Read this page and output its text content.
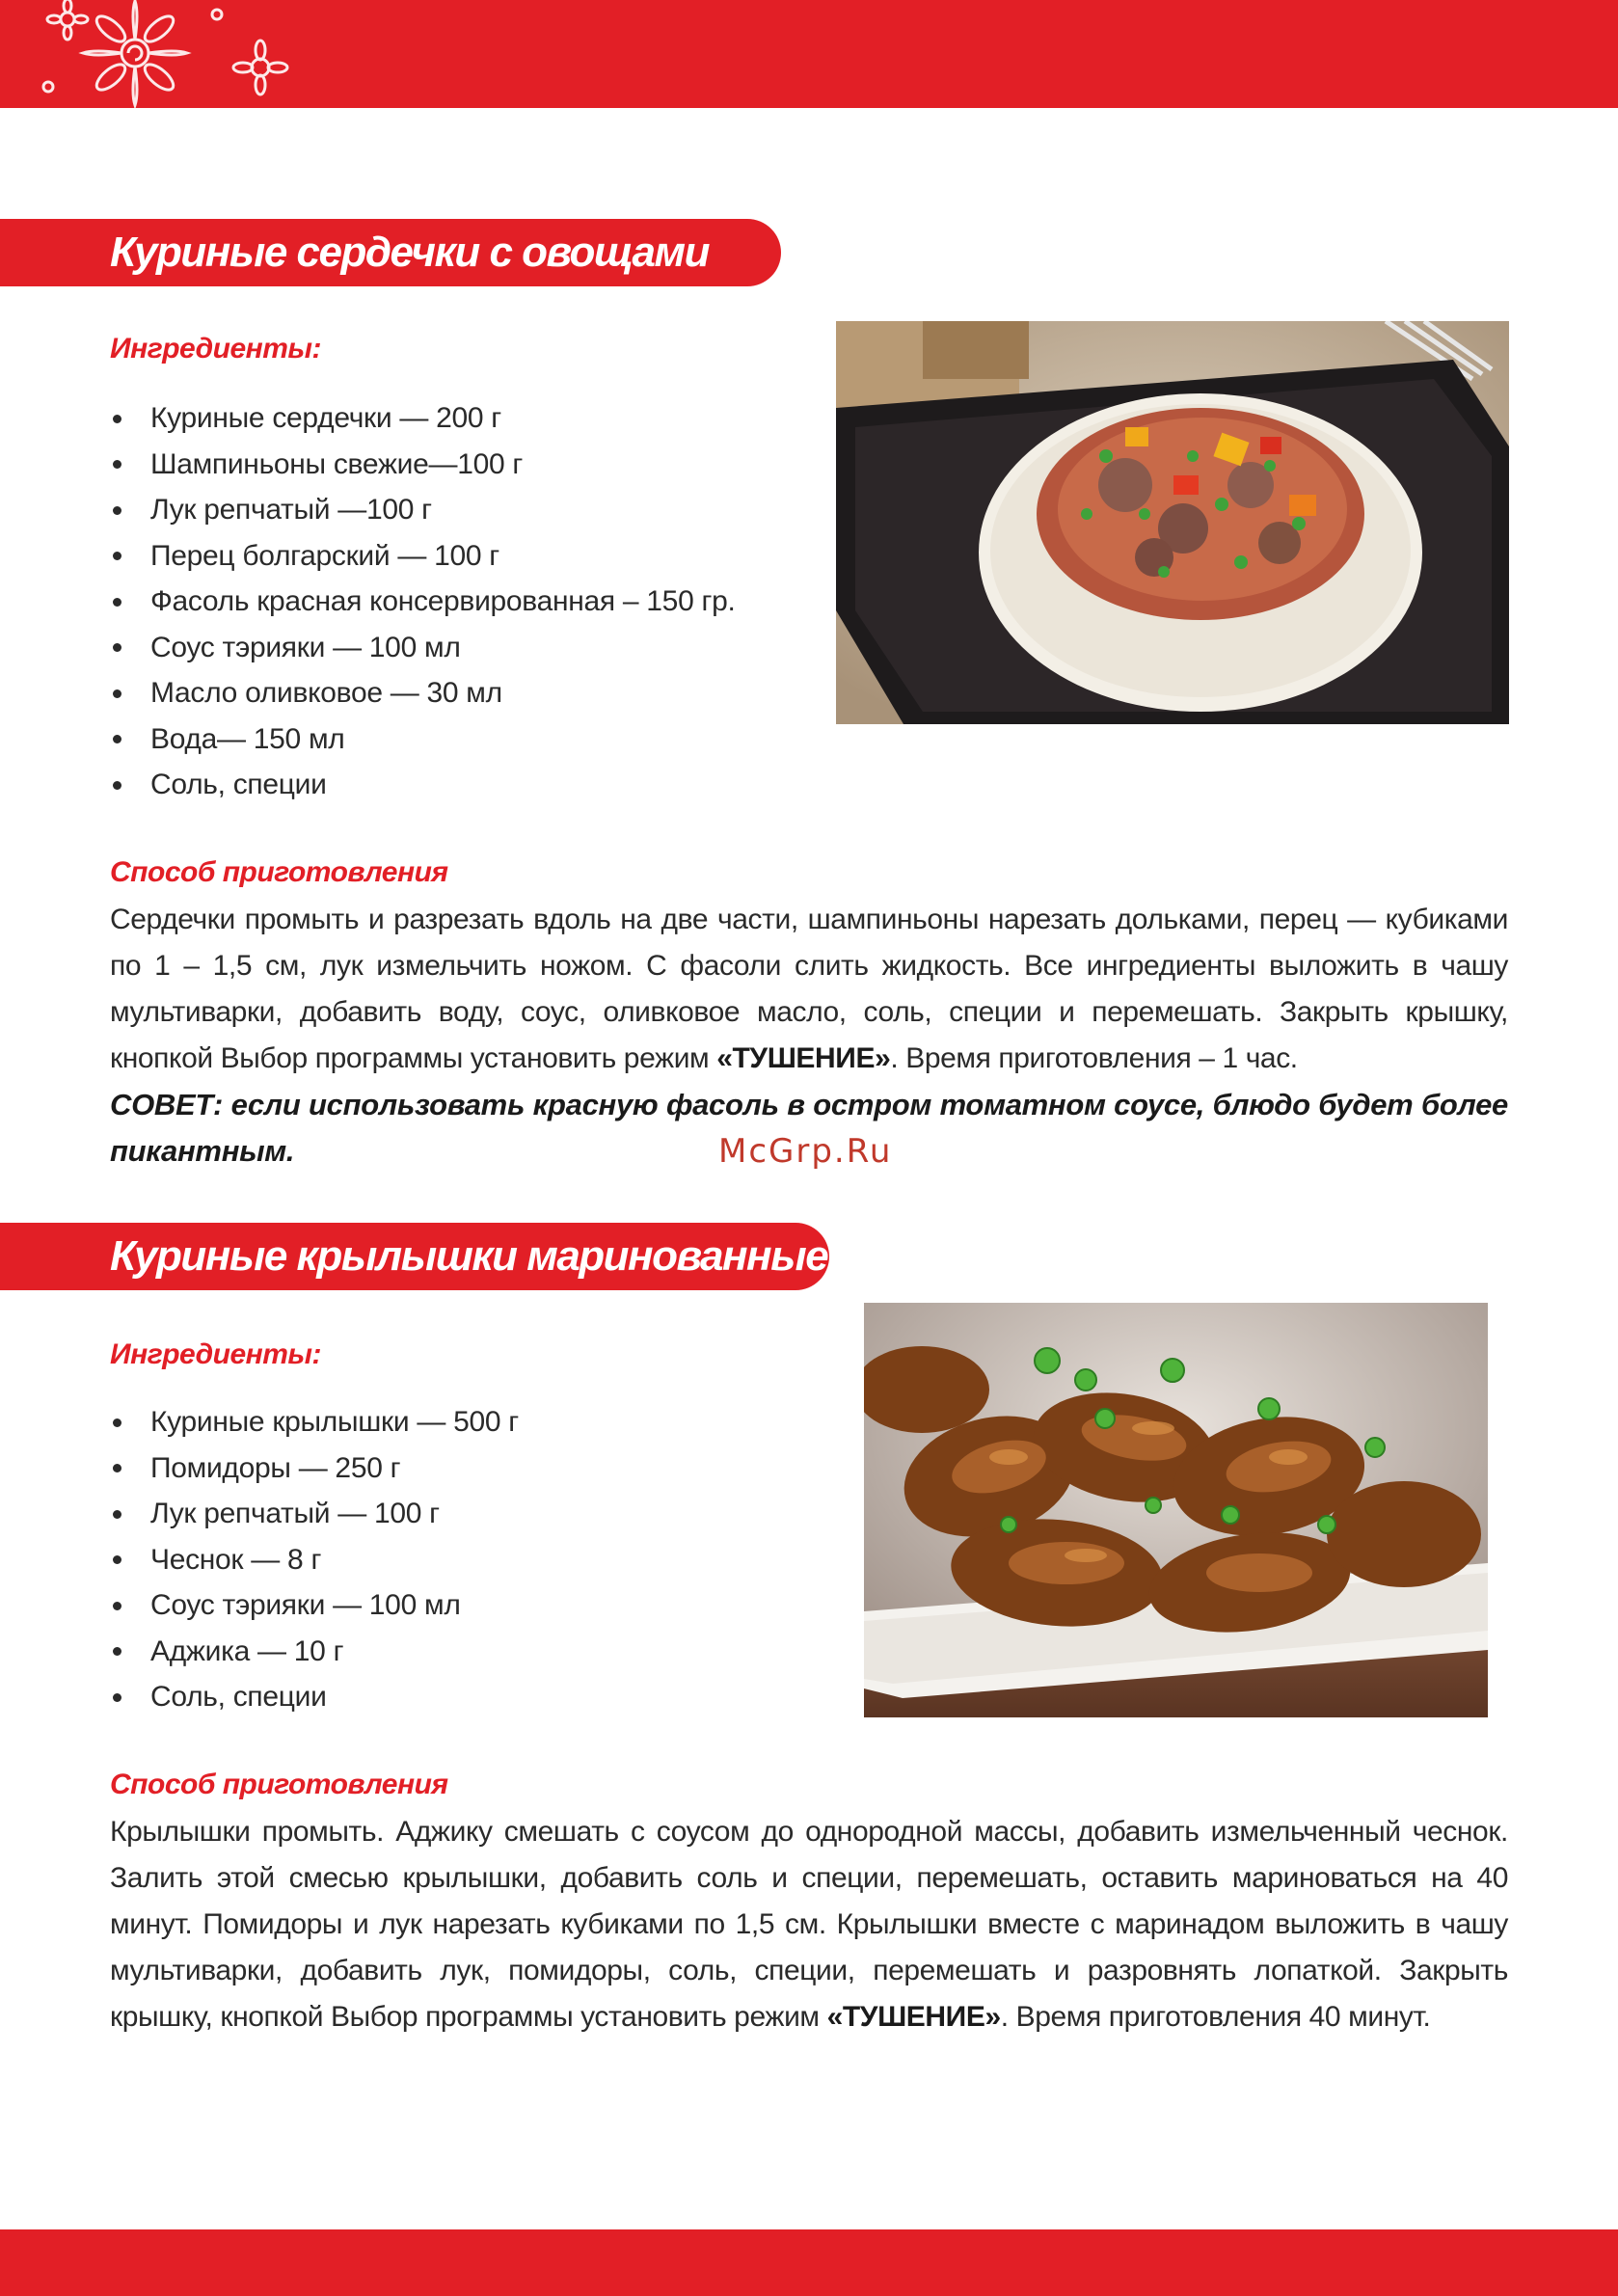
Куриные сердечки с овощами
Ингредиенты:
Куриные сердечки — 200 г
Шампиньоны свежие—100 г
Лук репчатый —100 г
Перец болгарский — 100 г
Фасоль красная консервированная – 150 гр.
Соус тэрияки — 100 мл
Масло оливковое — 30 мл
Вода— 150 мл
Соль, специи
Способ приготовления

Сердечки промыть и разрезать вдоль на две части, шампиньоны нарезать дольками, перец — кубиками по 1 – 1,5 см, лук измельчить ножом. С фасоли слить жидкость. Все ингредиенты выложить в чашу мультиварки, добавить воду, соус, оливковое масло, соль, специи и перемешать. Закрыть крышку, кнопкой Выбор программы установить режим «ТУШЕНИЕ». Время приготовления – 1 час.

СОВЕТ: если использовать красную фасоль в остром томатном соусе, блюдо будет более пикантным.	McGrp.Ru
Куриные крылышки маринованные
Ингредиенты:
Куриные крылышки — 500 г
Помидоры — 250 г
Лук репчатый — 100 г
Чеснок — 8 г
Соус тэрияки — 100 мл
Аджика — 10 г
Соль, специи
Способ приготовления

Крылышки промыть. Аджику смешать с соусом до однородной массы, добавить измельченный чеснок. Залить этой смесью крылышки, добавить соль и специи, перемешать, оставить мариноваться на 40 минут. Помидоры и лук нарезать кубиками по 1,5 см. Крылышки вместе с маринадом выложить в чашу мультиварки, добавить лук, помидоры, соль, специи, перемешать и разровнять лопаткой. Закрыть крышку, кнопкой Выбор программы установить режим «ТУШЕНИЕ». Время приготовления 40 минут.
